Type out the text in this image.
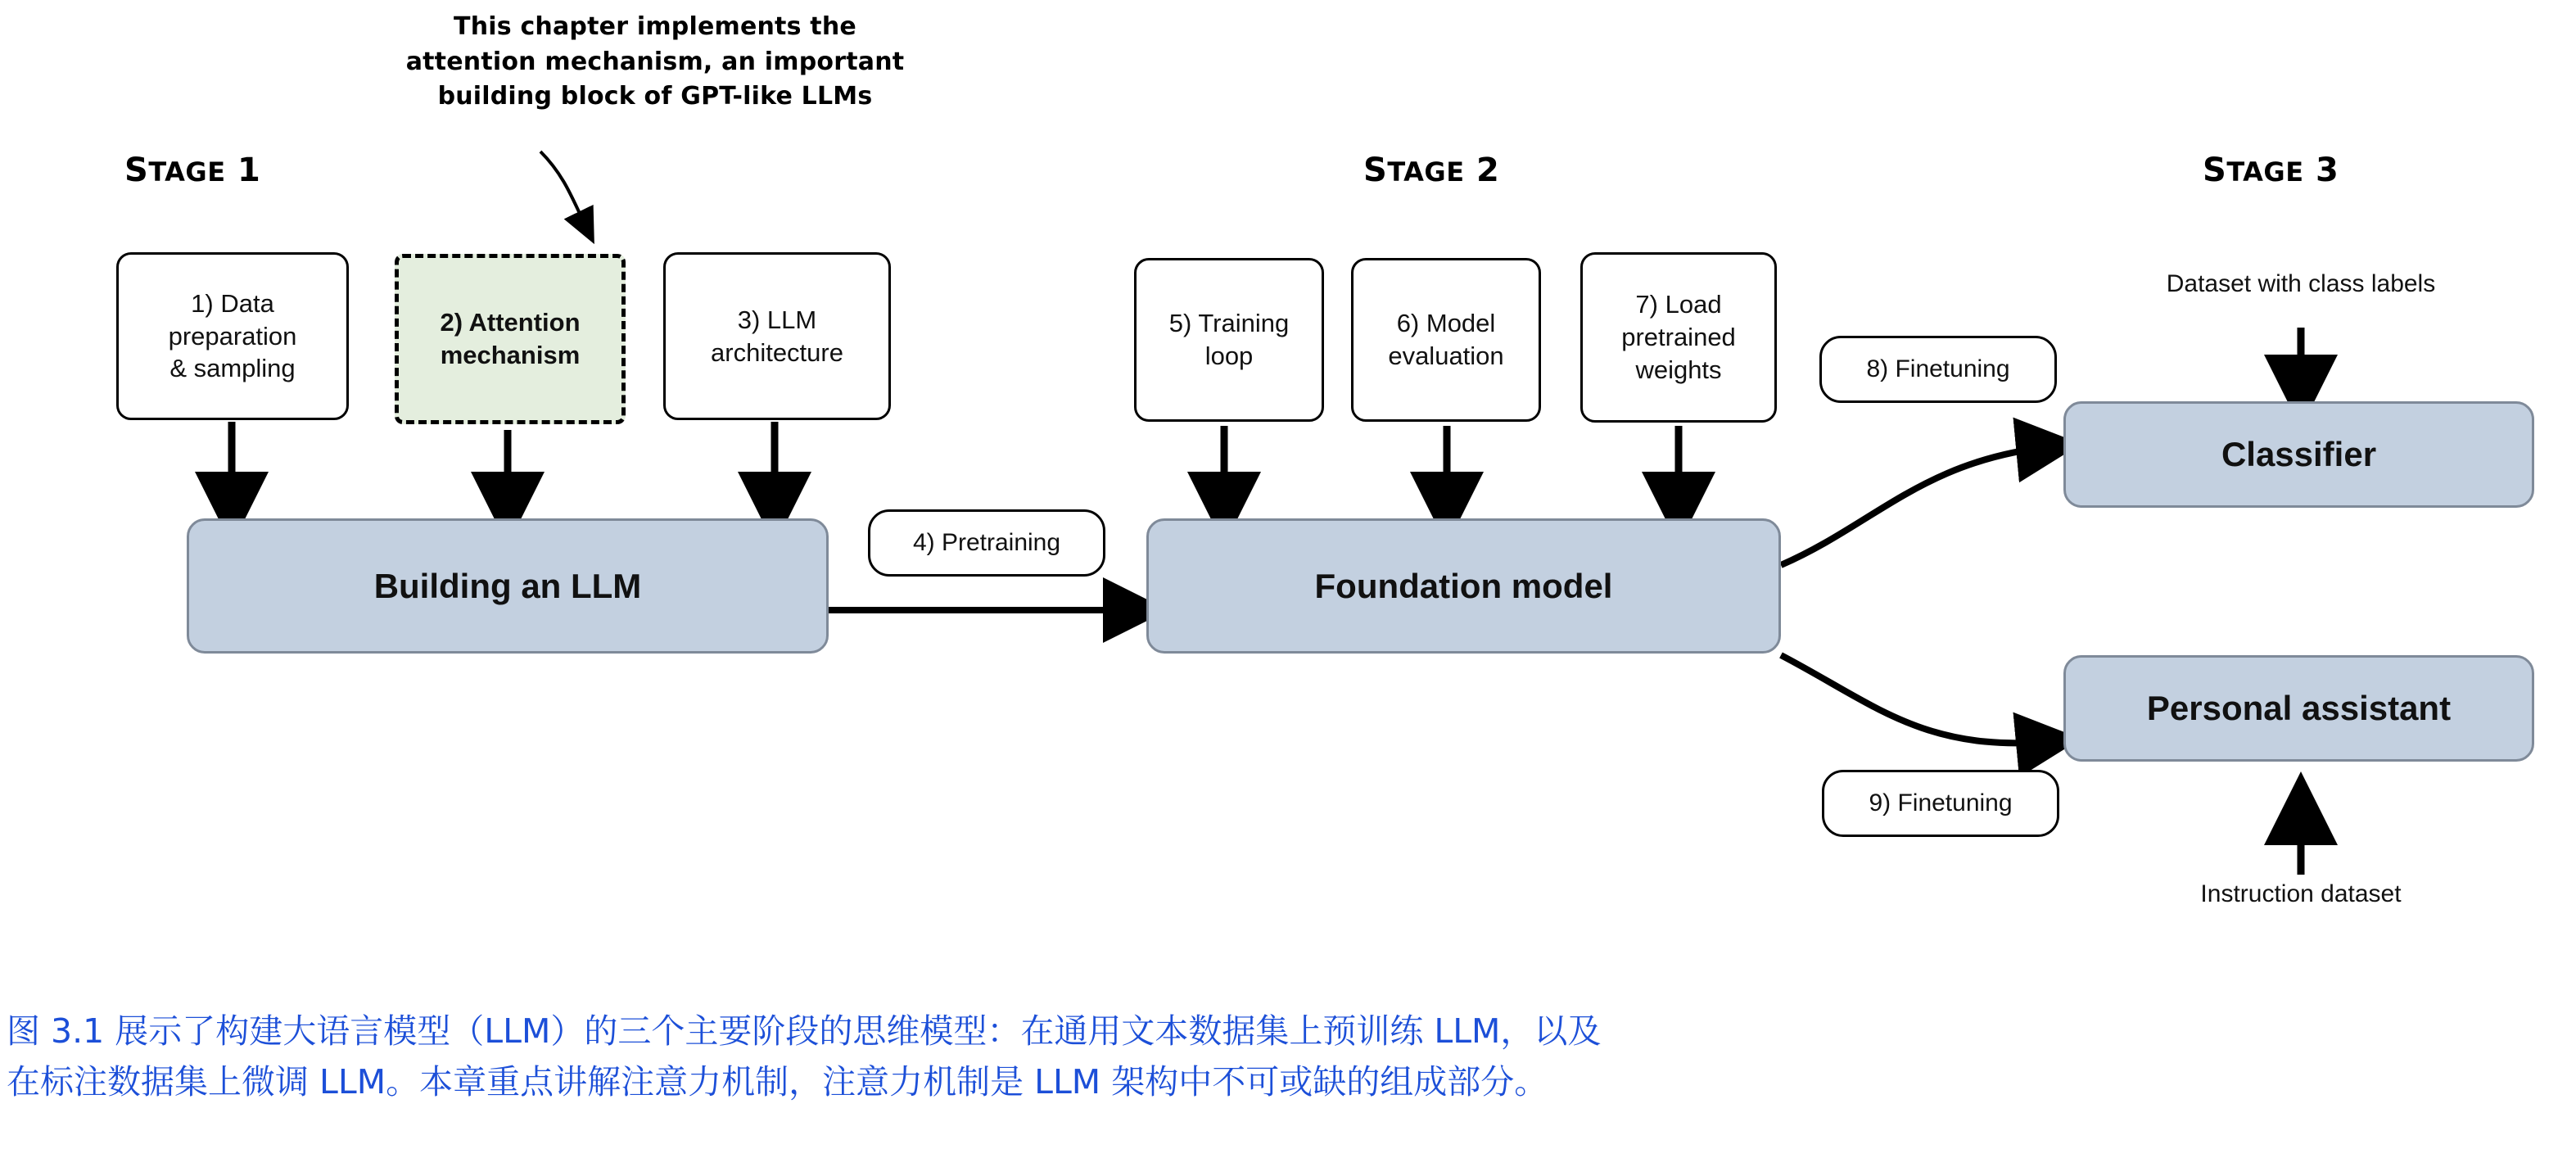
This chapter implements the
attention mechanism, an important
building block of GPT-like LLMs
STAGE 1	STAGE 2	STAGE 3
1) Data
preparation
& sampling
2) Attention
mechanism
3) LLM
architecture
Building an LLM
4) Pretraining
5) Training
loop
6) Model
evaluation
7) Load
pretrained
weights
Foundation model
8) Finetuning
9) Finetuning
Dataset with class labels
Classifier
Personal assistant
Instruction dataset
图 3.1 展示了构建大语言模型（LLM）的三个主要阶段的思维模型：在通用文本数据集上预训练 LLM，以及
在标注数据集上微调 LLM。本章重点讲解注意力机制，注意力机制是 LLM 架构中不可或缺的组成部分。
